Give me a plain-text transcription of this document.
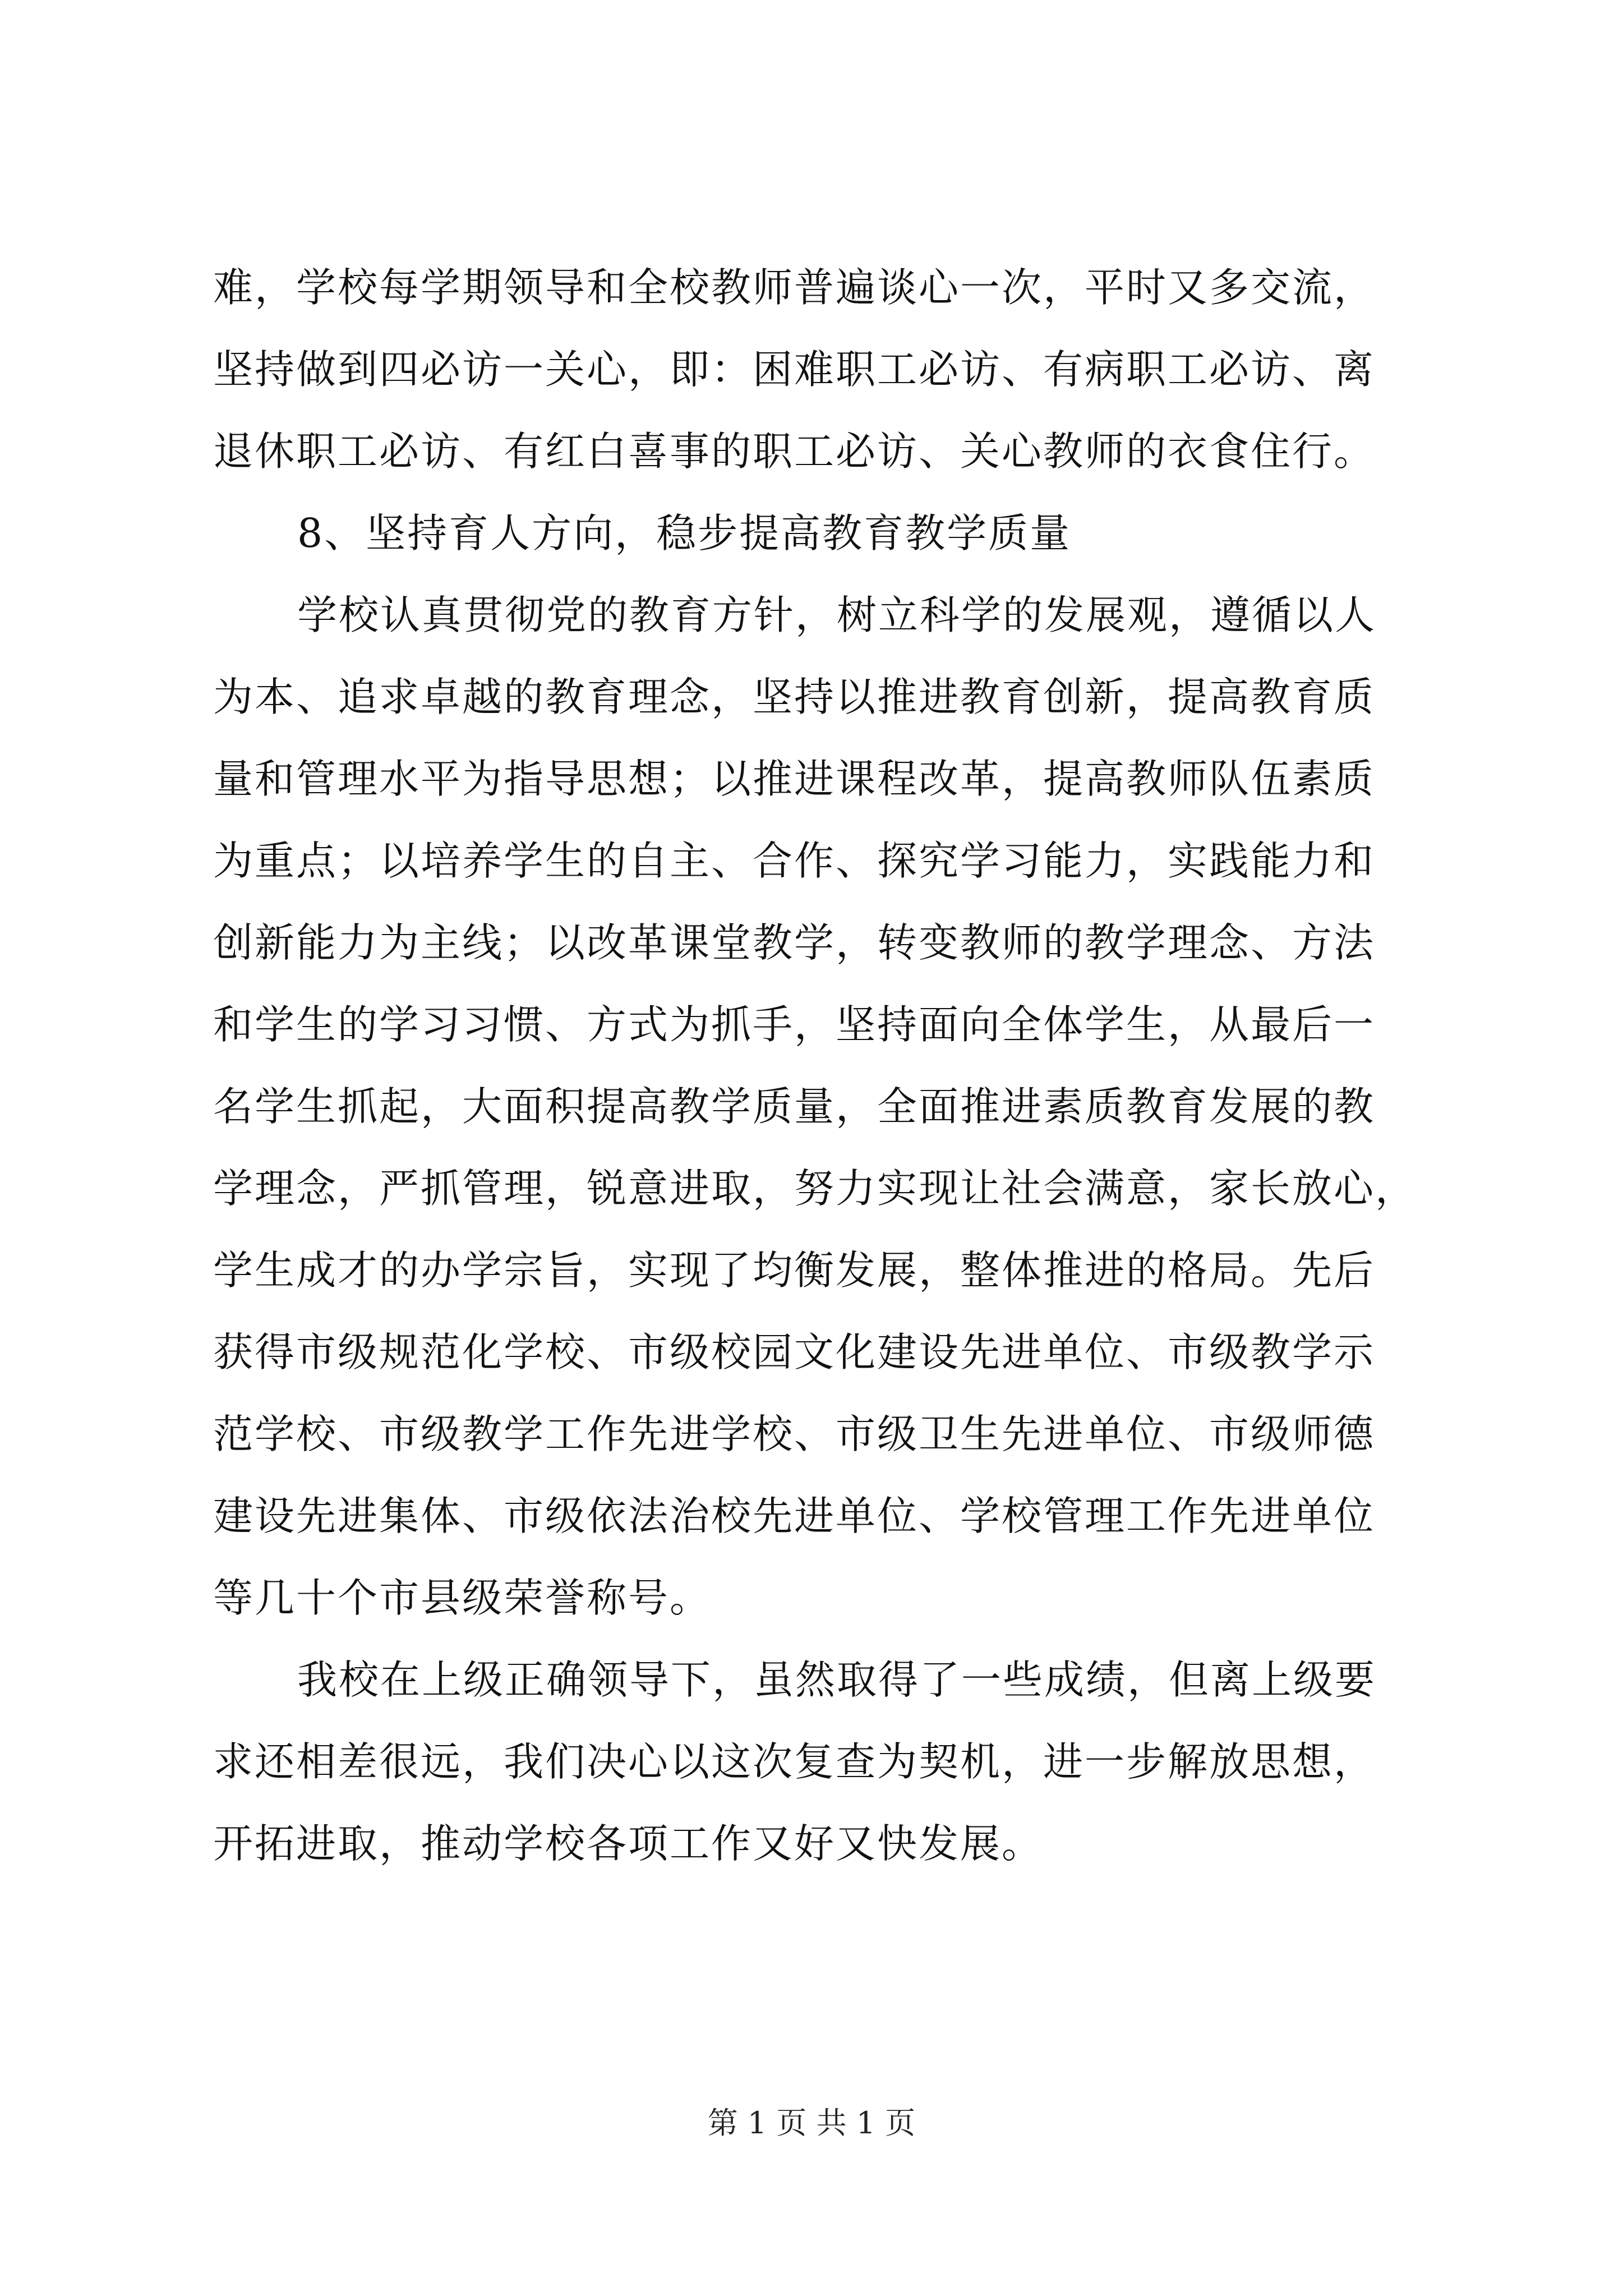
难，学校每学期领导和全校教师普遍谈心一次，平时又多交流，
坚持做到四必访一关心，即：困难职工必访、有病职工必访、离
退休职工必访、有红白喜事的职工必访、关心教师的衣食住行。
8、坚持育人方向，稳步提高教育教学质量
学校认真贯彻党的教育方针，树立科学的发展观，遵循以人
为本、追求卓越的教育理念，坚持以推进教育创新，提高教育质
量和管理水平为指导思想；以推进课程改革，提高教师队伍素质
为重点；以培养学生的自主、合作、探究学习能力，实践能力和
创新能力为主线；以改革课堂教学，转变教师的教学理念、方法
和学生的学习习惯、方式为抓手，坚持面向全体学生，从最后一
名学生抓起，大面积提高教学质量，全面推进素质教育发展的教
学理念，严抓管理，锐意进取，努力实现让社会满意，家长放心，
学生成才的办学宗旨，实现了均衡发展，整体推进的格局。先后
获得市级规范化学校、市级校园文化建设先进单位、市级教学示
范学校、市级教学工作先进学校、市级卫生先进单位、市级师德
建设先进集体、市级依法治校先进单位、学校管理工作先进单位
等几十个市县级荣誉称号。
我校在上级正确领导下，虽然取得了一些成绩，但离上级要
求还相差很远，我们决心以这次复查为契机，进一步解放思想，
开拓进取，推动学校各项工作又好又快发展。
第 1 页 共 1 页
